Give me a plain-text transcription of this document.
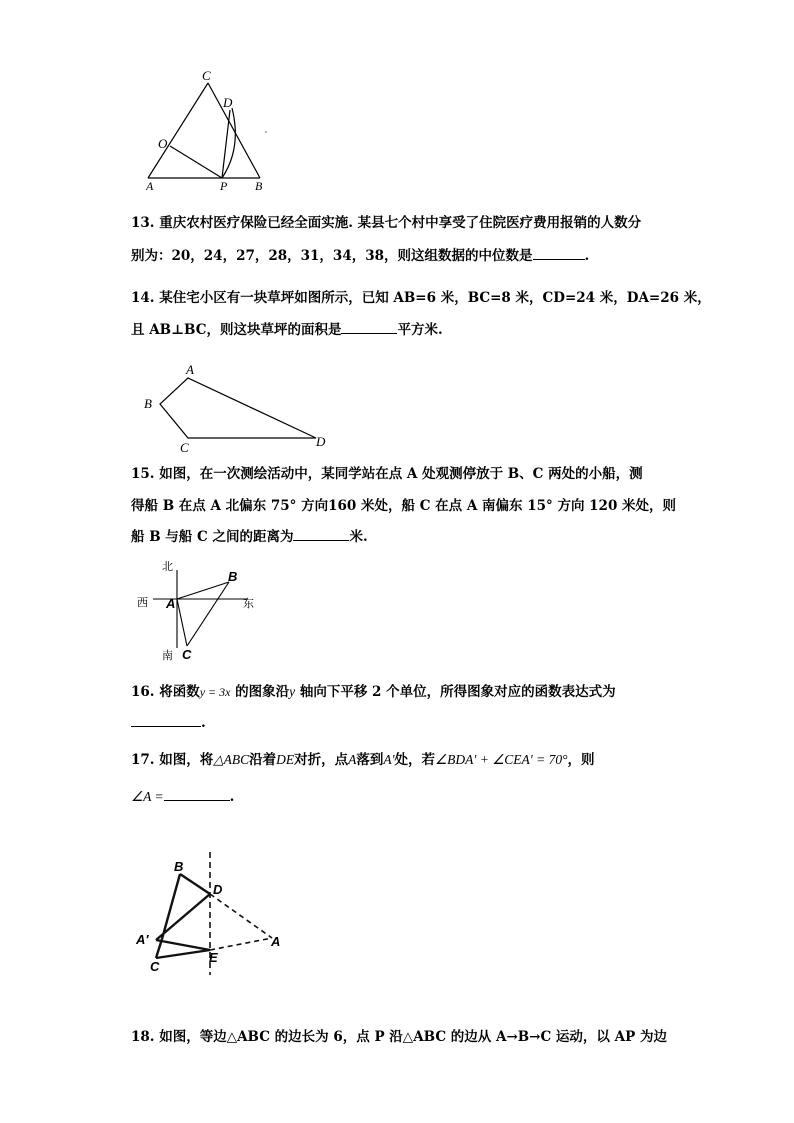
C
D
O
A	P B
13. 重庆农村医疗保险已经全面实施. 某县七个村中享受了住院医疗费用报销的人数分
别为：20，24，27，28，31，34，38，则这组数据的中位数是	.
14. 某住宅小区有一块草坪如图所示，已知 AB=6 米，BC=8 米，CD=24 米，DA=26 米，
且 AB⊥BC，则这块草坪的面积是	平方米.
A
B
C	D
15. 如图，在一次测绘活动中，某同学站在点 A 处观测停放于 B、C 两处的小船，测
得船 B 在点 A 北偏东 75° 方向160 米处，船 C 在点 A 南偏东 15° 方向 120 米处，则
船 B 与船 C 之间的距离为	米.
北
南
西	东
A
B
C
16. 将函数y = 3x 的图象沿y 轴向下平移 2 个单位，所得图象对应的函数表达式为
.
17. 如图，将△ABC沿着DE对折，点A落到A′处，若∠BDA′ + ∠CEA′ = 70°，则
∠A =	.
B
D
A′	A
C
E
18. 如图，等边△ABC 的边长为 6，点 P 沿△ABC 的边从 A→B→C 运动，以 AP 为边
